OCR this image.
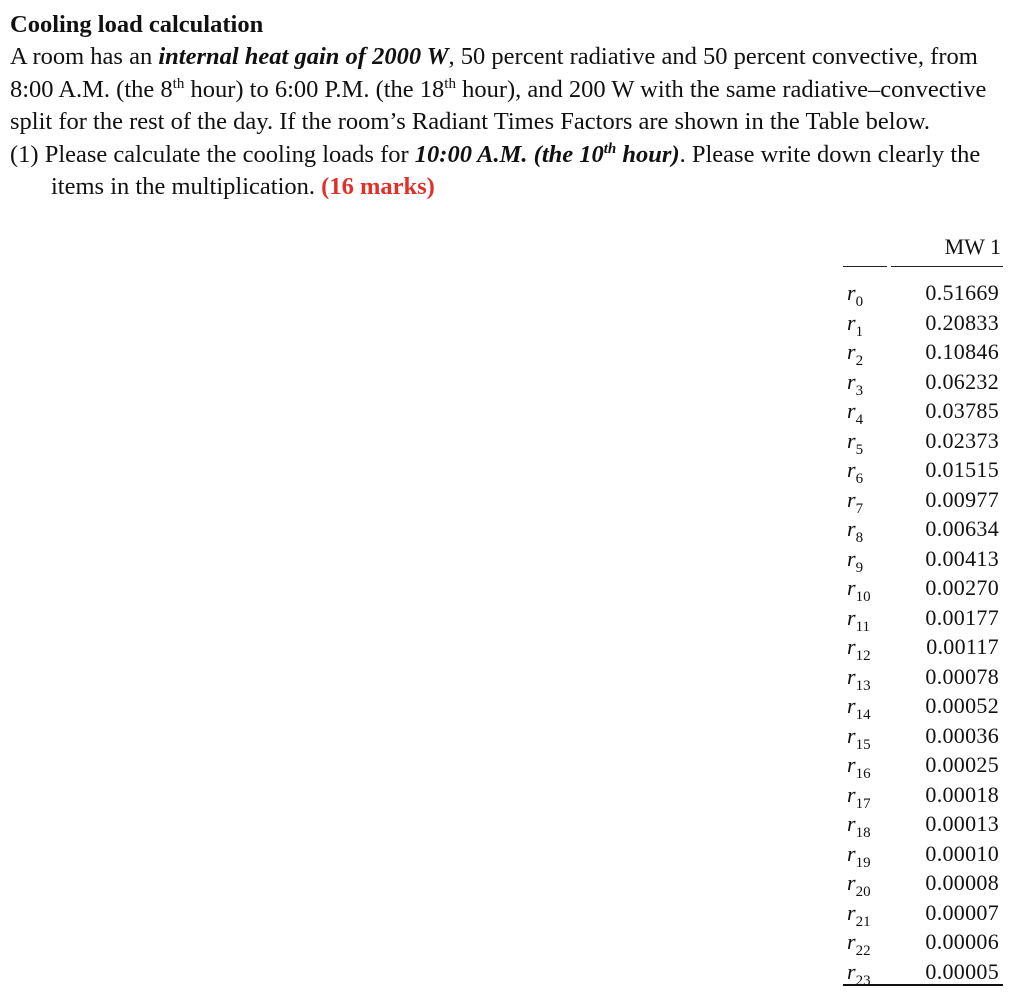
Cooling load calculation

A room has an internal heat gain of 2000 W, 50 percent radiative and 50 percent convective, from 8:00 A.M. (the 8th hour) to 6:00 P.M. (the 18th hour), and 200 W with the same radiative–convective split for the rest of the day. If the room’s Radiant Times Factors are shown in the Table below.

(1) Please calculate the cooling loads for 10:00 A.M. (the 10th hour). Please write down clearly the items in the multiplication. (16 marks)

MW 1
$r_0$	0.51669
$r_1$	0.20833
$r_2$	0.10846
$r_3$	0.06232
$r_4$	0.03785
$r_5$	0.02373
$r_6$	0.01515
$r_7$	0.00977
$r_8$	0.00634
$r_9$	0.00413
$r_{10}$ 0.00270
$r_{11}$	0.00177
$r_{12}$	0.00117
$r_{13}$ 0.00078
$r_{14}$ 0.00052
$r_{15}$ 0.00036
$r_{16}$ 0.00025
$r_{17}$ 0.00018
$r_{18}$ 0.00013
$r_{19}$ 0.00010
$r_{20}$ 0.00008
$r_{21}$ 0.00007
$r_{22}$ 0.00006
$r_{23}$ 0.00005
